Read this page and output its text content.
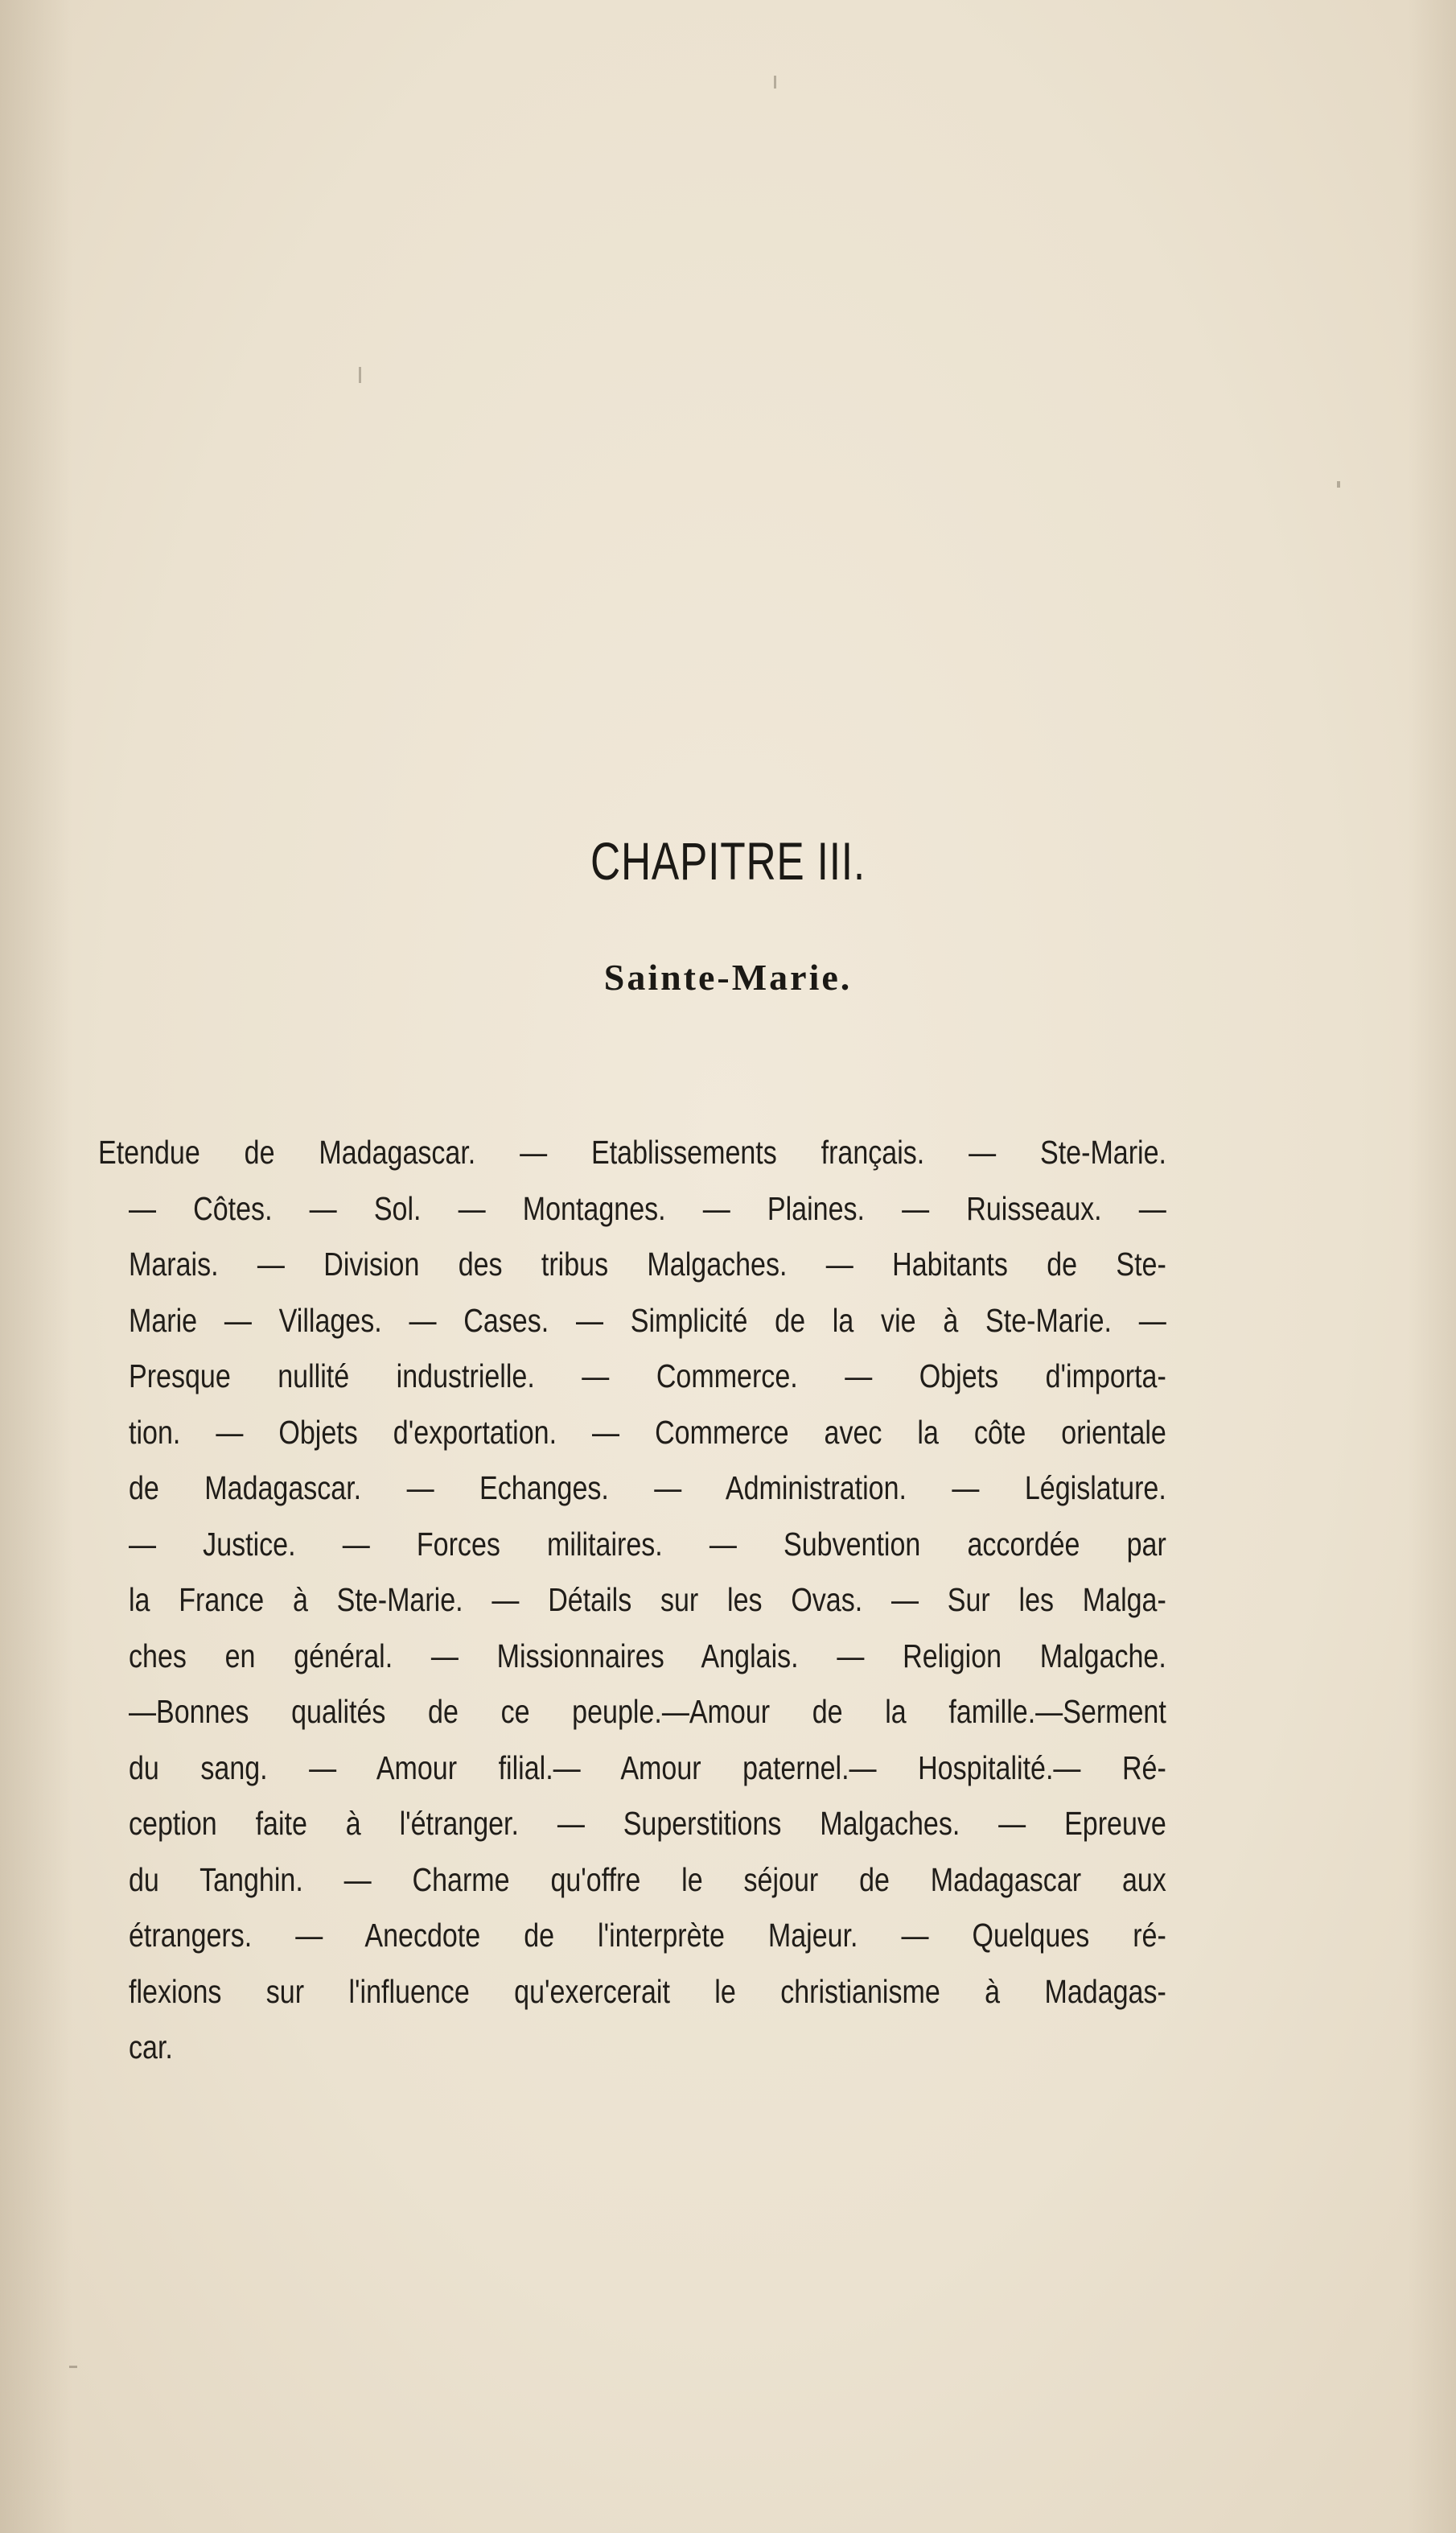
CHAPITRE III.
Sainte-Marie.
Etendue de Madagascar. — Etablissements français. — Ste-Marie.
— Côtes. — Sol. — Montagnes. — Plaines. — Ruisseaux. —
Marais. — Division des tribus Malgaches. — Habitants de Ste-
Marie — Villages. — Cases. — Simplicité de la vie à Ste-Marie. —
Presque nullité industrielle. — Commerce. — Objets d'importa-
tion. — Objets d'exportation. — Commerce avec la côte orientale
de Madagascar. — Echanges. — Administration. — Législature.
— Justice. — Forces militaires. — Subvention accordée par
la France à Ste-Marie. — Détails sur les Ovas. — Sur les Malga-
ches en général. — Missionnaires Anglais. — Religion Malgache.
—Bonnes qualités de ce peuple.—Amour de la famille.—Serment
du sang. — Amour filial.— Amour paternel.— Hospitalité.— Ré-
ception faite à l'étranger. — Superstitions Malgaches. — Epreuve
du Tanghin. — Charme qu'offre le séjour de Madagascar aux
étrangers. — Anecdote de l'interprète Majeur. — Quelques ré-
flexions sur l'influence qu'exercerait le christianisme à Madagas-
car.
